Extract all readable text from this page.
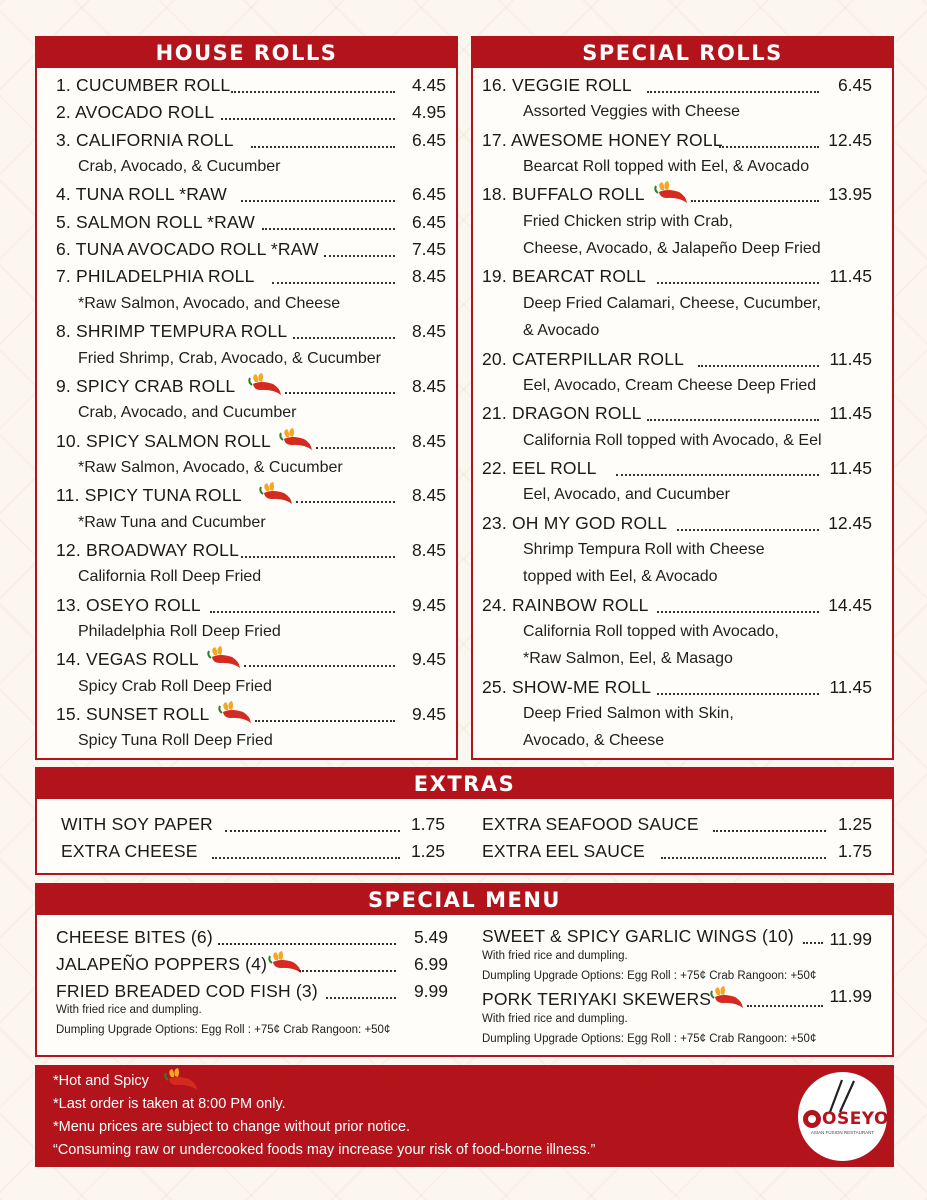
HOUSE ROLLS
1. CUCUMBER ROLL	4.45
2. AVOCADO ROLL	4.95
3. CALIFORNIA ROLL	6.45
Crab, Avocado, & Cucumber
4. TUNA ROLL *RAW	6.45
5. SALMON ROLL *RAW	6.45
6. TUNA AVOCADO ROLL *RAW	7.45
7. PHILADELPHIA ROLL	8.45
*Raw Salmon, Avocado, and Cheese
8. SHRIMP TEMPURA ROLL	8.45
Fried Shrimp, Crab, Avocado, & Cucumber
9. SPICY CRAB ROLL	8.45
Crab, Avocado, and Cucumber
10. SPICY SALMON ROLL	8.45
*Raw Salmon, Avocado, & Cucumber
11. SPICY TUNA ROLL	8.45
*Raw Tuna and Cucumber
12. BROADWAY ROLL	8.45
California Roll Deep Fried
13. OSEYO ROLL	9.45
Philadelphia Roll Deep Fried
14. VEGAS ROLL	9.45
Spicy Crab Roll Deep Fried
15. SUNSET ROLL	9.45
Spicy Tuna Roll Deep Fried
SPECIAL ROLLS
16. VEGGIE ROLL	6.45
Assorted Veggies with Cheese
17. AWESOME HONEY ROLL	12.45
Bearcat Roll topped with Eel, & Avocado
18. BUFFALO ROLL	13.95
Fried Chicken strip with Crab,
Cheese, Avocado, & Jalapeño Deep Fried
19. BEARCAT ROLL	11.45
Deep Fried Calamari, Cheese, Cucumber,
& Avocado
20. CATERPILLAR ROLL	11.45
Eel, Avocado, Cream Cheese Deep Fried
21. DRAGON ROLL	11.45
California Roll topped with Avocado, & Eel
22. EEL ROLL	11.45
Eel, Avocado, and Cucumber
23. OH MY GOD ROLL	12.45
Shrimp Tempura Roll with Cheese
topped with Eel, & Avocado
24. RAINBOW ROLL	14.45
California Roll topped with Avocado,
*Raw Salmon, Eel, & Masago
25. SHOW-ME ROLL	11.45
Deep Fried Salmon with Skin,
Avocado, & Cheese
EXTRAS
WITH SOY PAPER	1.75
EXTRA CHEESE	1.25
EXTRA SEAFOOD SAUCE	1.25
EXTRA EEL SAUCE	1.75
SPECIAL MENU
CHEESE BITES (6)	5.49
JALAPEÑO POPPERS (4)	6.99
FRIED BREADED COD FISH (3)	9.99
With fried rice and dumpling.
Dumpling Upgrade Options: Egg Roll : +75¢ Crab Rangoon: +50¢
SWEET & SPICY GARLIC WINGS (10) 11.99
With fried rice and dumpling.
Dumpling Upgrade Options: Egg Roll : +75¢ Crab Rangoon: +50¢
PORK TERIYAKI SKEWERS	11.99
With fried rice and dumpling.
Dumpling Upgrade Options: Egg Roll : +75¢ Crab Rangoon: +50¢
*Hot and Spicy
*Last order is taken at 8:00 PM only.
*Menu prices are subject to change without prior notice.
“Consuming raw or undercooked foods may increase your risk of food-borne illness.”
OSEYO
ASIAN FUSION RESTAURANT
